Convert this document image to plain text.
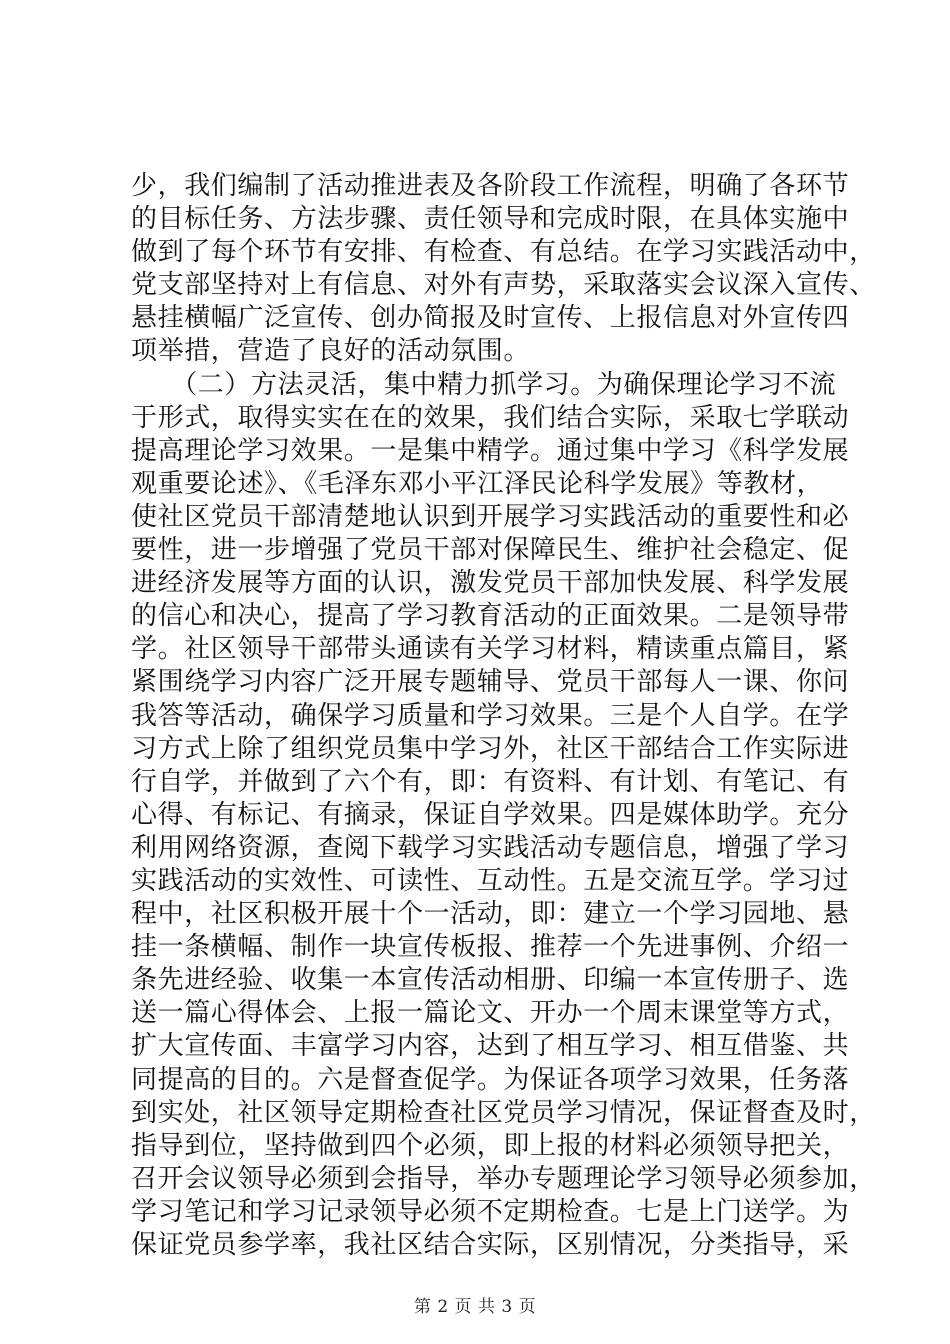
少，我们编制了活动推进表及各阶段工作流程，明确了各环节
的目标任务、方法步骤、责任领导和完成时限，在具体实施中
做到了每个环节有安排、有检查、有总结。在学习实践活动中，
党支部坚持对上有信息、对外有声势，采取落实会议深入宣传、
悬挂横幅广泛宣传、创办简报及时宣传、上报信息对外宣传四
项举措，营造了良好的活动氛围。
　　（二）方法灵活，集中精力抓学习。为确保理论学习不流
于形式，取得实实在在的效果，我们结合实际，采取七学联动
提高理论学习效果。一是集中精学。通过集中学习《科学发展
观重要论述》、《毛泽东邓小平江泽民论科学发展》等教材，
使社区党员干部清楚地认识到开展学习实践活动的重要性和必
要性，进一步增强了党员干部对保障民生、维护社会稳定、促
进经济发展等方面的认识，激发党员干部加快发展、科学发展
的信心和决心，提高了学习教育活动的正面效果。二是领导带
学。社区领导干部带头通读有关学习材料，精读重点篇目，紧
紧围绕学习内容广泛开展专题辅导、党员干部每人一课、你问
我答等活动，确保学习质量和学习效果。三是个人自学。在学
习方式上除了组织党员集中学习外，社区干部结合工作实际进
行自学，并做到了六个有，即：有资料、有计划、有笔记、有
心得、有标记、有摘录，保证自学效果。四是媒体助学。充分
利用网络资源，查阅下载学习实践活动专题信息，增强了学习
实践活动的实效性、可读性、互动性。五是交流互学。学习过
程中，社区积极开展十个一活动，即：建立一个学习园地、悬
挂一条横幅、制作一块宣传板报、推荐一个先进事例、介绍一
条先进经验、收集一本宣传活动相册、印编一本宣传册子、选
送一篇心得体会、上报一篇论文、开办一个周末课堂等方式，
扩大宣传面、丰富学习内容，达到了相互学习、相互借鉴、共
同提高的目的。六是督查促学。为保证各项学习效果，任务落
到实处，社区领导定期检查社区党员学习情况，保证督查及时，
指导到位，坚持做到四个必须，即上报的材料必须领导把关，
召开会议领导必须到会指导，举办专题理论学习领导必须参加，
学习笔记和学习记录领导必须不定期检查。七是上门送学。为
保证党员参学率，我社区结合实际，区别情况，分类指导，采
第 2 页 共 3 页
